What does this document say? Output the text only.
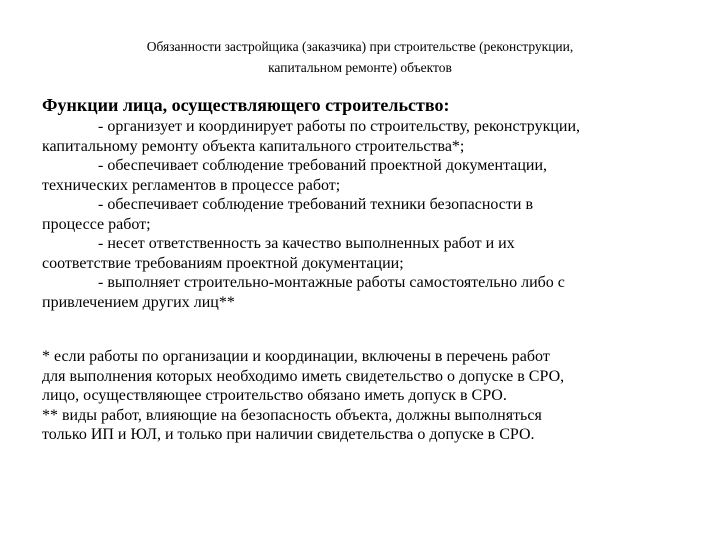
Обязанности застройщика (заказчика) при строительстве (реконструкции,
капитальном ремонте) объектов
Функции лица, осуществляющего строительство:
- организует и координирует работы по строительству, реконструкции,
капитальному ремонту объекта капитального строительства*;
- обеспечивает соблюдение требований проектной документации,
технических регламентов в процессе работ;
- обеспечивает соблюдение требований техники безопасности в
процессе работ;
- несет ответственность за качество выполненных работ и их
соответствие требованиям проектной документации;
- выполняет строительно-монтажные работы самостоятельно либо с
привлечением других лиц**
* если работы по организации и координации, включены в перечень работ
для выполнения которых необходимо иметь свидетельство о допуске в СРО,
лицо, осуществляющее строительство обязано иметь допуск в СРО.
** виды работ, влияющие на безопасность объекта, должны выполняться
только ИП и ЮЛ, и только при наличии свидетельства о допуске в СРО.
